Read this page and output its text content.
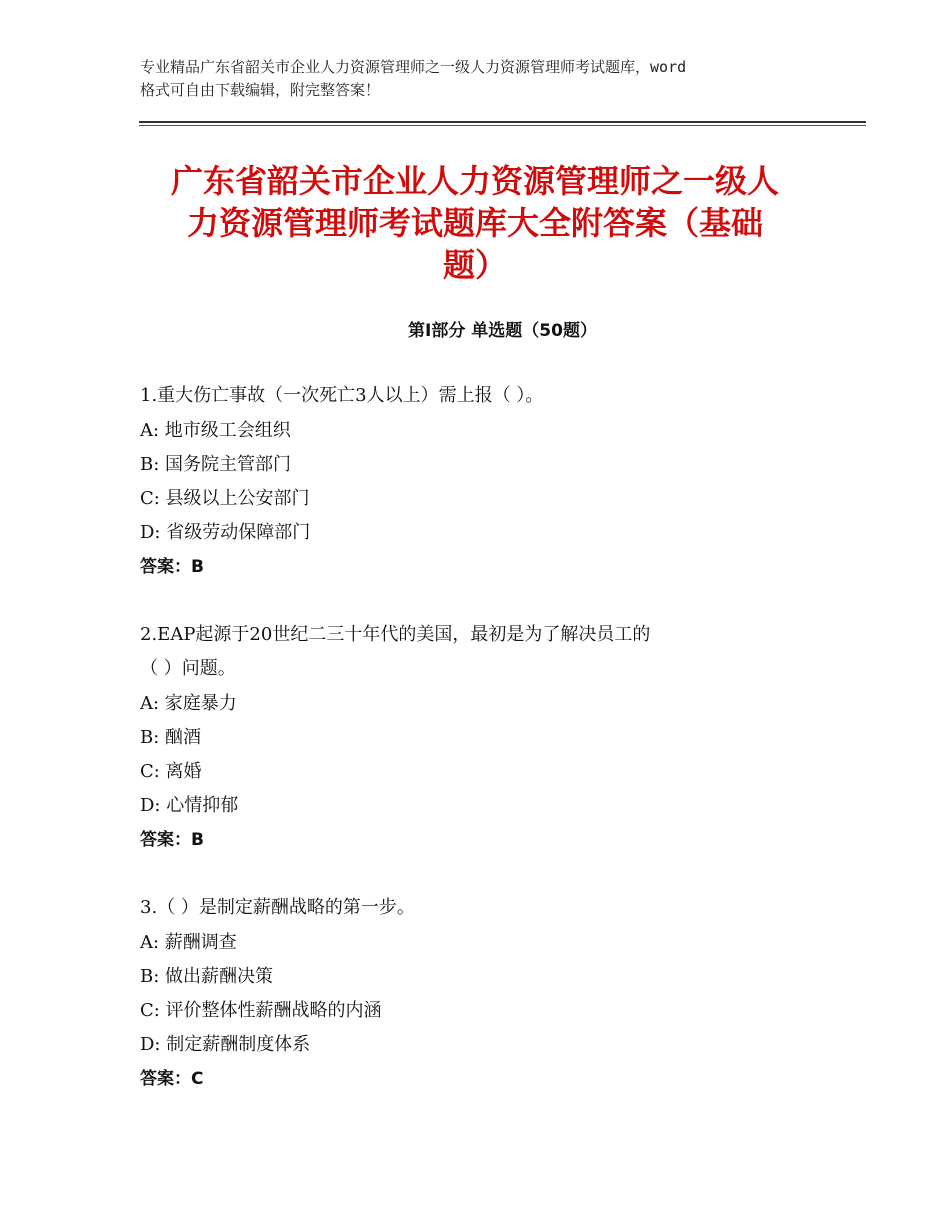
专业精品广东省韶关市企业人力资源管理师之一级人力资源管理师考试题库，word
格式可自由下载编辑，附完整答案！
广东省韶关市企业人力资源管理师之一级人
力资源管理师考试题库大全附答案（基础
题）
第Ⅰ部分 单选题（50题）
1.重大伤亡事故（一次死亡3人以上）需上报（ ）。
A: 地市级工会组织
B: 国务院主管部门
C: 县级以上公安部门
D: 省级劳动保障部门
答案：B
2.EAP起源于20世纪二三十年代的美国，最初是为了解决员工的
（ ）问题。
A: 家庭暴力
B: 酗酒
C: 离婚
D: 心情抑郁
答案：B
3.（ ）是制定薪酬战略的第一步。
A: 薪酬调查
B: 做出薪酬决策
C: 评价整体性薪酬战略的内涵
D: 制定薪酬制度体系
答案：C
